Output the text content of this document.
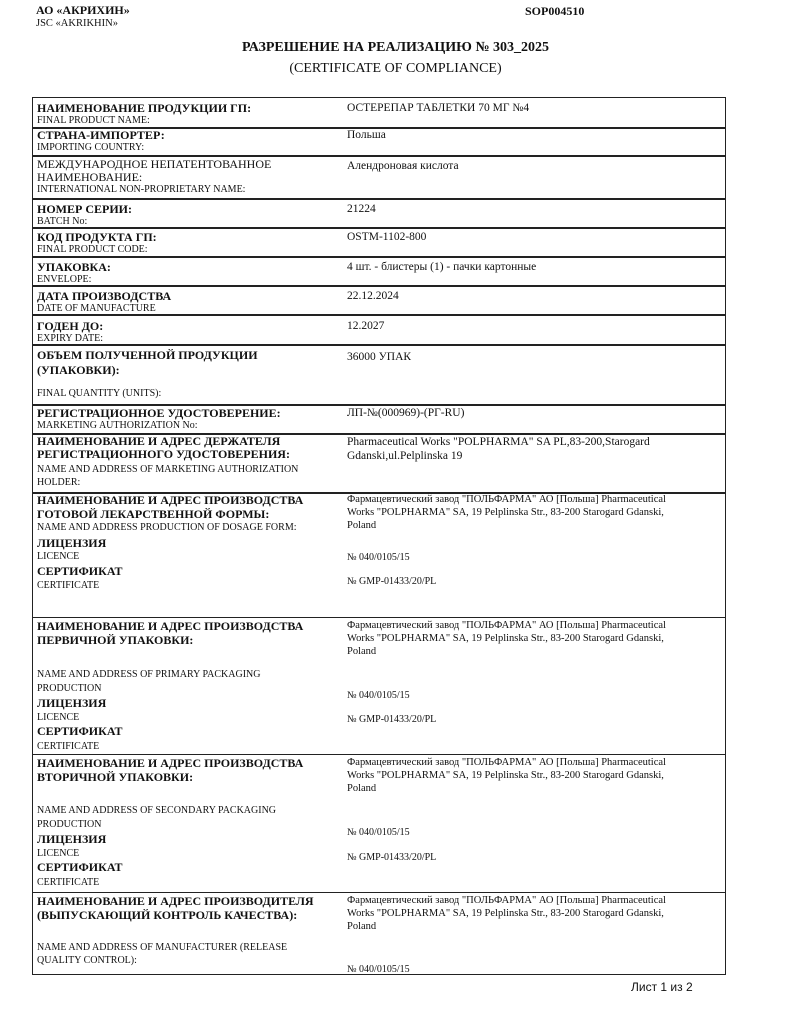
АО «АКРИХИН»
JSC «AKRIKHIN»
SOP004510
РАЗРЕШЕНИЕ НА РЕАЛИЗАЦИЮ № 303_2025
(CERTIFICATE OF COMPLIANCE)
НАИМЕНОВАНИЕ ПРОДУКЦИИ ГП:
FINAL PRODUCT NAME:
ОСТЕРЕПАР ТАБЛЕТКИ 70 МГ №4
СТРАНА-ИМПОРТЕР:
IMPORTING COUNTRY:
Польша
МЕЖДУНАРОДНОЕ НЕПАТЕНТОВАННОЕ
НАИМЕНОВАНИЕ:
INTERNATIONAL NON-PROPRIETARY NAME:
Алендроновая кислота
НОМЕР СЕРИИ:
BATCH No:
21224
КОД ПРОДУКТА ГП:
FINAL PRODUCT CODE:
OSTM-1102-800
УПАКОВКА:
ENVELOPE:
4 шт. - блистеры (1) - пачки картонные
ДАТА ПРОИЗВОДСТВА
DATE OF MANUFACTURE
22.12.2024
ГОДЕН ДО:
EXPIRY DATE:
12.2027
ОБЪЕМ ПОЛУЧЕННОЙ ПРОДУКЦИИ
(УПАКОВКИ):
FINAL QUANTITY (UNITS):
36000 УПАК
РЕГИСТРАЦИОННОЕ УДОСТОВЕРЕНИЕ:
MARKETING AUTHORIZATION No:
ЛП-№(000969)-(РГ-RU)
НАИМЕНОВАНИЕ И АДРЕС ДЕРЖАТЕЛЯ
РЕГИСТРАЦИОННОГО УДОСТОВЕРЕНИЯ:
NAME AND ADDRESS OF MARKETING AUTHORIZATION
HOLDER:
Pharmaceutical Works "POLPHARMA" SA PL,83-200,Starogard
Gdanski,ul.Pelplinska 19
НАИМЕНОВАНИЕ И АДРЕС ПРОИЗВОДСТВА
ГОТОВОЙ ЛЕКАРСТВЕННОЙ ФОРМЫ:
NAME AND ADDRESS PRODUCTION OF DOSAGE FORM:
ЛИЦЕНЗИЯ
LICENCE
СЕРТИФИКАТ
CERTIFICATE
Фармацевтический завод "ПОЛЬФАРМА" АО [Польша] Pharmaceutical Works "POLPHARMA" SA, 19 Pelplinska Str., 83-200 Starogard Gdanski, Poland
№ 040/0105/15
№ GMP-01433/20/PL
НАИМЕНОВАНИЕ И АДРЕС ПРОИЗВОДСТВА
ПЕРВИЧНОЙ УПАКОВКИ:
NAME AND ADDRESS OF PRIMARY PACKAGING
PRODUCTION
ЛИЦЕНЗИЯ
LICENCE
СЕРТИФИКАТ
CERTIFICATE
Фармацевтический завод "ПОЛЬФАРМА" АО [Польша] Pharmaceutical Works "POLPHARMA" SA, 19 Pelplinska Str., 83-200 Starogard Gdanski, Poland
№ 040/0105/15
№ GMP-01433/20/PL
НАИМЕНОВАНИЕ И АДРЕС ПРОИЗВОДСТВА
ВТОРИЧНОЙ УПАКОВКИ:
NAME AND ADDRESS OF SECONDARY PACKAGING
PRODUCTION
ЛИЦЕНЗИЯ
LICENCE
СЕРТИФИКАТ
CERTIFICATE
Фармацевтический завод "ПОЛЬФАРМА" АО [Польша] Pharmaceutical Works "POLPHARMA" SA, 19 Pelplinska Str., 83-200 Starogard Gdanski, Poland
№ 040/0105/15
№ GMP-01433/20/PL
НАИМЕНОВАНИЕ И АДРЕС ПРОИЗВОДИТЕЛЯ
(ВЫПУСКАЮЩИЙ КОНТРОЛЬ КАЧЕСТВА):
NAME AND ADDRESS OF MANUFACTURER (RELEASE
QUALITY CONTROL):
Фармацевтический завод "ПОЛЬФАРМА" АО [Польша] Pharmaceutical Works "POLPHARMA" SA, 19 Pelplinska Str., 83-200 Starogard Gdanski, Poland
№ 040/0105/15
Лист 1 из 2
